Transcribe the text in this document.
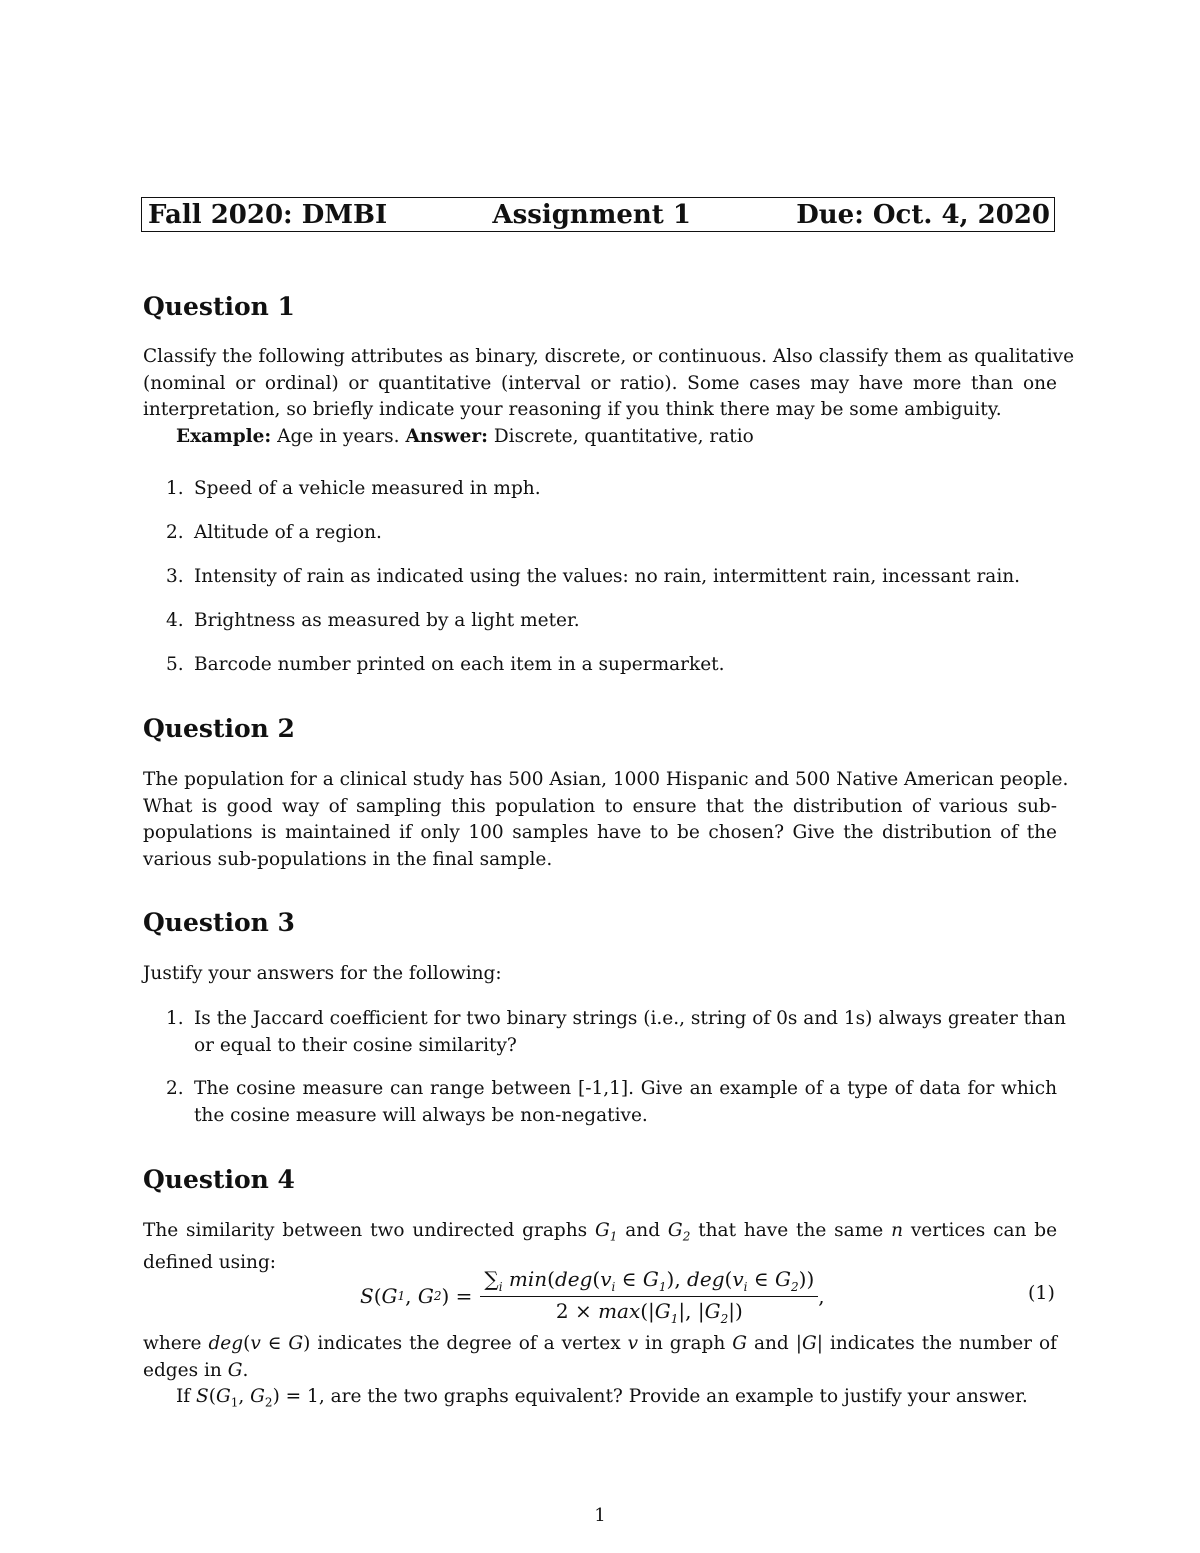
Fall 2020: DMBI	Assignment 1	Due: Oct. 4, 2020
Question 1
Classify the following attributes as binary, discrete, or continuous. Also classify them as qualitative
(nominal or ordinal) or quantitative (interval or ratio). Some cases may have more than one
interpretation, so briefly indicate your reasoning if you think there may be some ambiguity.
Example: Age in years. Answer: Discrete, quantitative, ratio
1. Speed of a vehicle measured in mph.
2. Altitude of a region.
3. Intensity of rain as indicated using the values: no rain, intermittent rain, incessant rain.
4. Brightness as measured by a light meter.
5. Barcode number printed on each item in a supermarket.
Question 2
The population for a clinical study has 500 Asian, 1000 Hispanic and 500 Native American people.
What is good way of sampling this population to ensure that the distribution of various sub-
populations is maintained if only 100 samples have to be chosen? Give the distribution of the
various sub-populations in the final sample.
Question 3
Justify your answers for the following:
1. Is the Jaccard coefficient for two binary strings (i.e., string of 0s and 1s) always greater than
or equal to their cosine similarity?
2. The cosine measure can range between [-1,1]. Give an example of a type of data for which
the cosine measure will always be non-negative.
Question 4
The similarity between two undirected graphs $G_1$ and $G_2$ that have the same n vertices can be
defined using:
S ( G 1 , G 2 ) = $\frac{\sum_i \min(deg(v_i \in G_1), deg(v_i \in G_2))}{2 \times \max(|G_1|, |G_2|)}$ ,	(1)
where deg(v ∈ G) indicates the degree of a vertex v in graph G and |G| indicates the number of
edges in G.
If $S(G_1$, $G_2) = 1$, are the two graphs equivalent? Provide an example to justify your answer.
1
